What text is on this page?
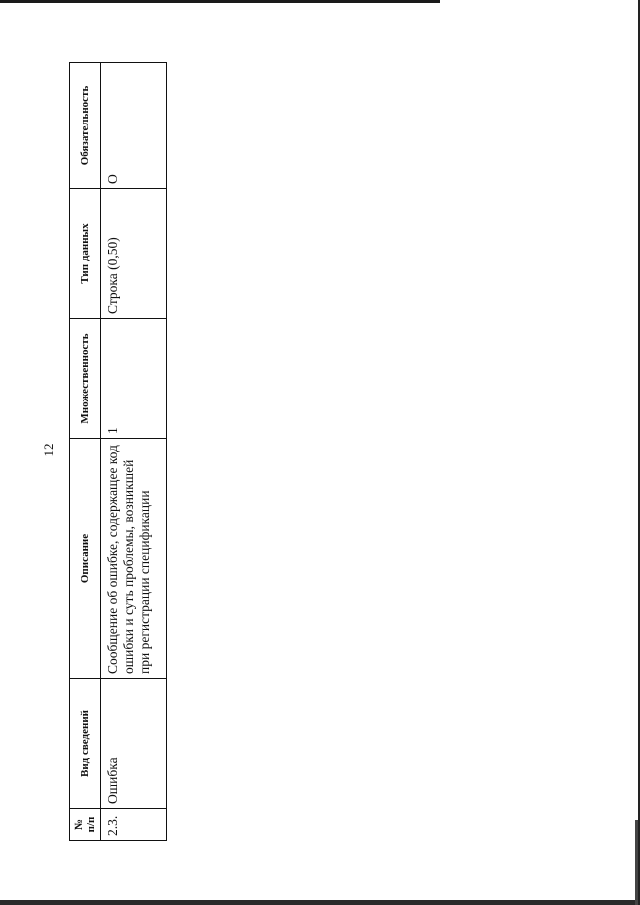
12
№ п/п	Вид сведений	Описание	Множественность	Тип данных	Обязательность
2.3.	Ошибка	Сообщение об ошибке, содержащее код ошибки и суть проблемы, возникшей при регистрации спецификации	1	Строка (0,50)	О
